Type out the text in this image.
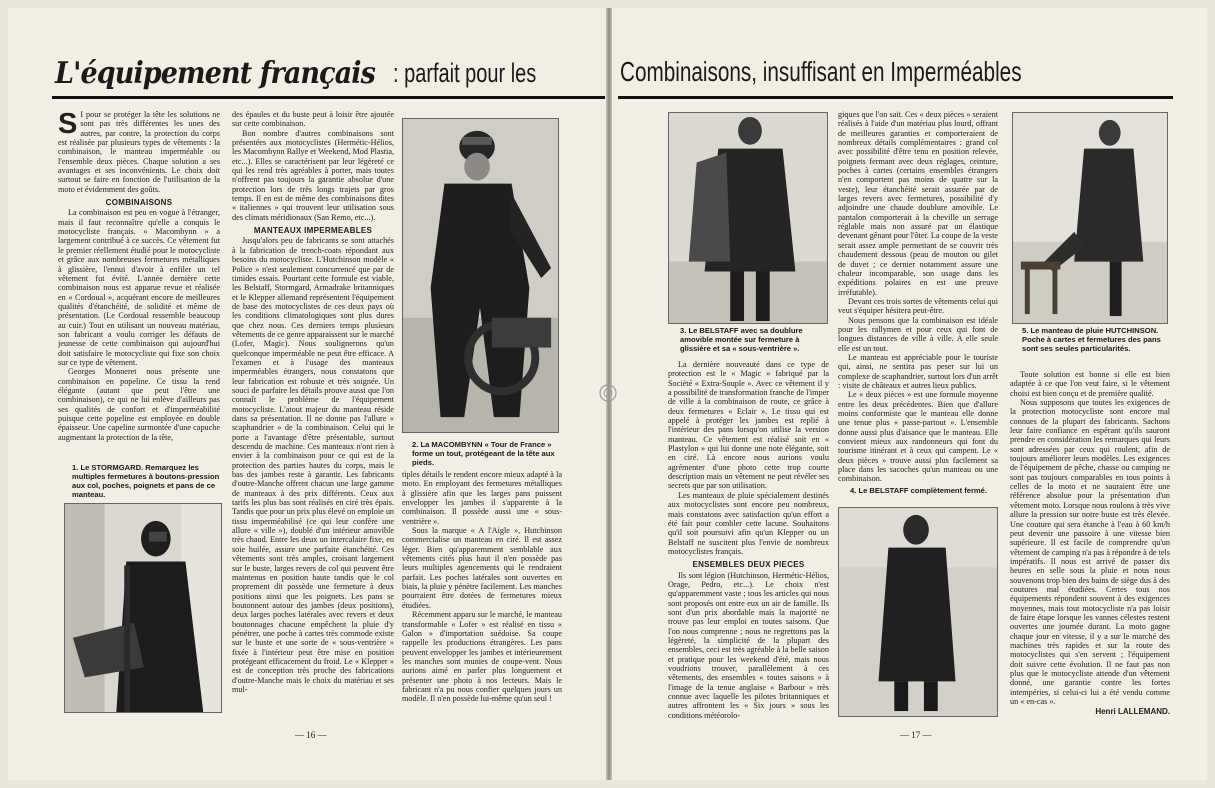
L'équipement français : parfait pour les	Combinaisons, insuffisant en Imperméables
S I pour se protéger la tête les solutions ne sont pas très différentes les unes des autres, par contre, la protection du corps est réalisée par plusieurs types de vêtements : la combinaison, le manteau imperméable ou l'ensemble deux pièces. Chaque solution a ses avantages et ses inconvénients. Le choix doit surtout se faire en fonction de l'utilisation de la moto et évidemment des goûts.

COMBINAISONS

La combinaison est peu en vogue à l'étranger, mais il faut reconnaître qu'elle a conquis le motocycliste français. « Macombynn » a largement contribué à ce succès. Ce vêtement fut le premier réellement étudié pour le motocycliste et grâce aux nombreuses fermetures métalliques à glissière, l'ennui d'avoir à enfiler un tel vêtement fut évité. L'année dernière cette combinaison nous est apparue revue et réalisée en « Cordoual », acquérant encore de meilleures qualités d'étanchéité, de solidité et même de présentation. (Le Cordoual ressemble beaucoup au cuir.) Tout en utilisant un nouveau matériau, son fabricant a voulu corriger les défauts de jeunesse de cette combinaison qui aujourd'hui doit satisfaire le motocycliste qui fixe son choix sur ce type de vêtement.

Georges Monneret nous présente une combinaison en popeline. Ce tissu la rend élégante (autant que peut l'être une combinaison), ce qui ne lui enlève d'ailleurs pas ses qualités de confort et d'imperméabilité puisque cette popeline est employée en double épaisseur. Une capeline surmontée d'une capuche augmentant la protection de la tête,

1. Le STORMGARD. Remarquez les multiples fermetures à boutons-pression aux col, poches, poignets et pans de ce manteau.

des épaules et du buste peut à loisir être ajoutée sur cette combinaison.

Bon nombre d'autres combinaisons sont présentées aux motocyclistes (Hermétic-Hélios, les Macombynn Rallye et Weekend, Mod Plastia, etc...). Elles se caractérisent par leur légèreté ce qui les rend très agréables à porter, mais toutes n'offrent pas toujours la garantie absolue d'une protection lors de très longs trajets par gros temps. Il en est de même des combinaisons dites « italiennes » qui trouvent leur utilisation sous des climats méridionaux (San Remo, etc...).

MANTEAUX IMPERMEABLES

Jusqu'alors peu de fabricants se sont attachés à la fabrication de trench-coats répondant aux besoins du motocycliste. L'Hutchinson modèle « Police » n'est seulement concurrencé que par de timides essais. Pourtant cette formule est viable, les Belstaff, Stormgard, Armadrake britanniques et le Klepper allemand représentent l'équipement de base des motocyclistes de ces deux pays où les conditions climatologiques sont plus dures que chez nous. Ces derniers temps plusieurs vêtements de ce genre apparaissent sur le marché (Lofer, Magic). Nous soulignerons qu'un quelconque imperméable ne peut être efficace. A l'examen et à l'usage des manteaux imperméables étrangers, nous constatons que leur fabrication est robuste et très soignée. Un souci de parfaire les détails prouve aussi que l'on connaît le problème de l'équipement motocycliste. L'atout majeur du manteau réside dans sa présentation. Il ne donne pas l'allure « scaphandrier » de la combinaison. Celui qui le porte a l'avantage d'être présentable, surtout descendu de machine. Ces manteaux n'ont rien à envier à la combinaison pour ce qui est de la protection des parties hautes du corps, mais le bas des jambes reste à garantir. Les fabricants d'outre-Manche offrent chacun une large gamme de manteaux à des prix différents. Ceux aux tarifs les plus bas sont réalisés en ciré très épais. Tandis que pour un prix plus élevé on emploie un tissu imperméabilisé (ce qui leur confère une allure « ville »), doublé d'un intérieur amovible très chaud. Entre les deux un intercalaire fixe, en soie huilée, assure une parfaite étanchéité. Ces vêtements sont très amples, croisant largement sur le buste, larges revers de col qui peuvent être maintenus en position haute tandis que le col proprement dit possède une fermeture à deux positions ainsi que les poignets. Les pans se boutonnent autour des jambes (deux positions), deux larges poches latérales avec revers et deux boutonnages chacune empêchent la pluie d'y pénétrer, une poche à cartes très commode existe sur le buste et une sorte de « sous-ventrière » fixée à l'intérieur peut être mise en position protégeant efficacement du froid. Le « Klepper » est de conception très proche des fabrications d'outre-Manche mais le choix du matériau et ses mul-

2. La MACOMBYNN « Tour de France » forme un tout, protégeant de la tête aux pieds.

tiples détails le rendent encore mieux adapté à la moto. En employant des fermetures métalliques à glissière afin que les larges pans puissent envelopper les jambes il s'apparente à la combinaison. Il possède aussi une « sous-ventrière ».

Sous la marque « A l'Aigle », Hutchinson commercialise un manteau en ciré. Il est assez léger. Bien qu'apparemment semblable aux vêtements cités plus haut il n'en possède pas leurs multiples agencements qui le rendraient parfait. Les poches latérales sont ouvertes en biais, la pluie y pénètre facilement. Les manches pourraient être dotées de fermetures mieux étudiées.

Récemment apparu sur le marché, le manteau transformable « Lofer » est réalisé en tissu « Galon » d'importation suédoise. Sa coupe rappelle les productions étrangères. Les pans peuvent envelopper les jambes et intérieurement les manches sont munies de coupe-vent. Nous aurions aimé en parler plus longuement et présenter une photo à nos lecteurs. Mais le fabricant n'a pu nous confier quelques jours un modèle. Il n'en possède lui-même qu'un seul !

— 16 —
3. Le BELSTAFF avec sa doublure amovible montée sur fermeture à glissière et sa « sous-ventrière ».

La dernière nouveauté dans ce type de protection est le « Magic » fabriqué par la Société « Extra-Souple ». Avec ce vêtement il y a possibilité de transformation franche de l'imper de ville à la combinaison de route, ce grâce à deux fermetures « Eclair ». Le tissu qui est appelé à protéger les jambes est replié à l'intérieur des pans lorsqu'on utilise la version manteau. Ce vêtement est réalisé soit en « Plastylon » qui lui donne une note élégante, soit en ciré. Là encore nous aurions voulu agrémenter d'une photo cette trop courte description mais un vêtement ne peut révéler ses secrets que par son utilisation.

Les manteaux de pluie spécialement destinés aux motocyclistes sont encore peu nombreux, mais constatons avec satisfaction qu'un effort a été fait pour combler cette lacune. Souhaitons qu'il soit poursuivi afin qu'un Klepper ou un Belstaff ne suscitent plus l'envie de nombreux motocyclistes français.

ENSEMBLES DEUX PIECES

Ils sont légion (Hutchinson, Hermétic-Hélios, Orage, Pedro, etc...). Le choix n'est qu'apparemment vaste ; tous les articles qui nous sont proposés ont entre eux un air de famille. Ils sont d'un prix abordable mais la majorité ne trouve pas leur emploi en toutes saisons. Que l'on nous comprenne ; nous ne regrettons pas la légèreté, la simplicité de la plupart des ensembles, ceci est très agréable à la belle saison et pratique pour les weekend d'été, mais nous voudrions trouver, parallèlement à ces vêtements, des ensembles « toutes saisons » à l'image de la tenue anglaise « Barbour » très connue avec laquelle les pilotes britanniques et autres affrontent les « Six jours » sous les conditions météorolo-

giques que l'on sait. Ces « deux pièces » seraient réalisés à l'aide d'un matériau plus lourd, offrant de meilleures garanties et comporteraient de nombreux détails complémentaires : grand col avec possibilité d'être tenu en position relevée, poignets fermant avec deux réglages, ceinture, poches à cartes (certains ensembles étrangers n'en comportent pas moins de quatre sur la veste), leur étanchéité serait assurée par de larges revers avec fermetures, possibilité d'y adjoindre une chaude doublure amovible. Le pantalon comporterait à la cheville un serrage réglable mais non assuré par un élastique devenant gênant pour l'ôter. La coupe de la veste serait assez ample permettant de se couvrir très chaudement dessous (peau de mouton ou gilet de duvet ; ce dernier notamment assure une chaleur incomparable, son usage dans les expéditions polaires en est une preuve irréfutable).

Devant ces trois sortes de vêtements celui qui veut s'équiper hésitera peut-être.

Nous pensons que la combinaison est idéale pour les rallymen et pour ceux qui font de longues distances de ville à ville. A elle seule elle est un tout.

Le manteau est appréciable pour le touriste qui, ainsi, ne sentira pas peser sur lui un complexe de scaphandrier, surtout lors d'un arrêt : visite de châteaux et autres lieux publics.

Le « deux pièces » est une formule moyenne entre les deux précédentes. Bien que d'allure moins conformiste que le manteau elle donne une tenue plus « passe-partout ». L'ensemble donne aussi plus d'aisance que le manteau. Elle convient mieux aux randonneurs qui font du tourisme itinérant et à ceux qui campent. Le « deux pièces » trouve aussi plus facilement sa place dans les sacoches qu'un manteau ou une combinaison.

4. Le BELSTAFF complètement fermé.
5. Le manteau de pluie HUTCHINSON. Poche à cartes et fermetures des pans sont ses seules particularités.

Toute solution est bonne si elle est bien adaptée à ce que l'on veut faire, si le vêtement choisi est bien conçu et de première qualité.

Nous supposons que toutes les exigences de la protection motocycliste sont encore mal connues de la plupart des fabricants. Sachons leur faire confiance en espérant qu'ils sauront prendre en considération les remarques qui leurs sont adressées par ceux qui roulent, afin de toujours améliorer leurs modèles. Les exigences de l'équipement de pêche, chasse ou camping ne sont pas toujours comparables en tous points à celles de la moto et ne sauraient être une référence absolue pour la présentation d'un vêtement moto. Lorsque nous roulons à très vive allure la pression sur notre buste est très élevée. Une couture qui sera étanche à l'eau à 60 km/h peut devenir une passoire à une vitesse bien supérieure. Il est facile de comprendre qu'un vêtement de camping n'a pas à répondre à de tels impératifs. Il nous est arrivé de passer dix heures en selle sous la pluie et nous nous souvenons trop bien des bains de siège dus à des coutures mal étudiées. Certes tous nos équipements répondent souvent à des exigences moyennes, mais tout motocycliste n'a pas loisir de faire étape lorsque les vannes célestes restent ouvertes une journée durant. La moto gagne chaque jour en vitesse, il y a sur le marché des machines très rapides et sur la route des motocyclistes qui s'en servent ; l'équipement doit suivre cette évolution. Il ne faut pas non plus que le motocycliste attende d'un vêtement donné, une garantie contre les fortes intempéries, si celui-ci lui a été vendu comme un « en-cas ».

Henri LALLEMAND.
— 17 —
